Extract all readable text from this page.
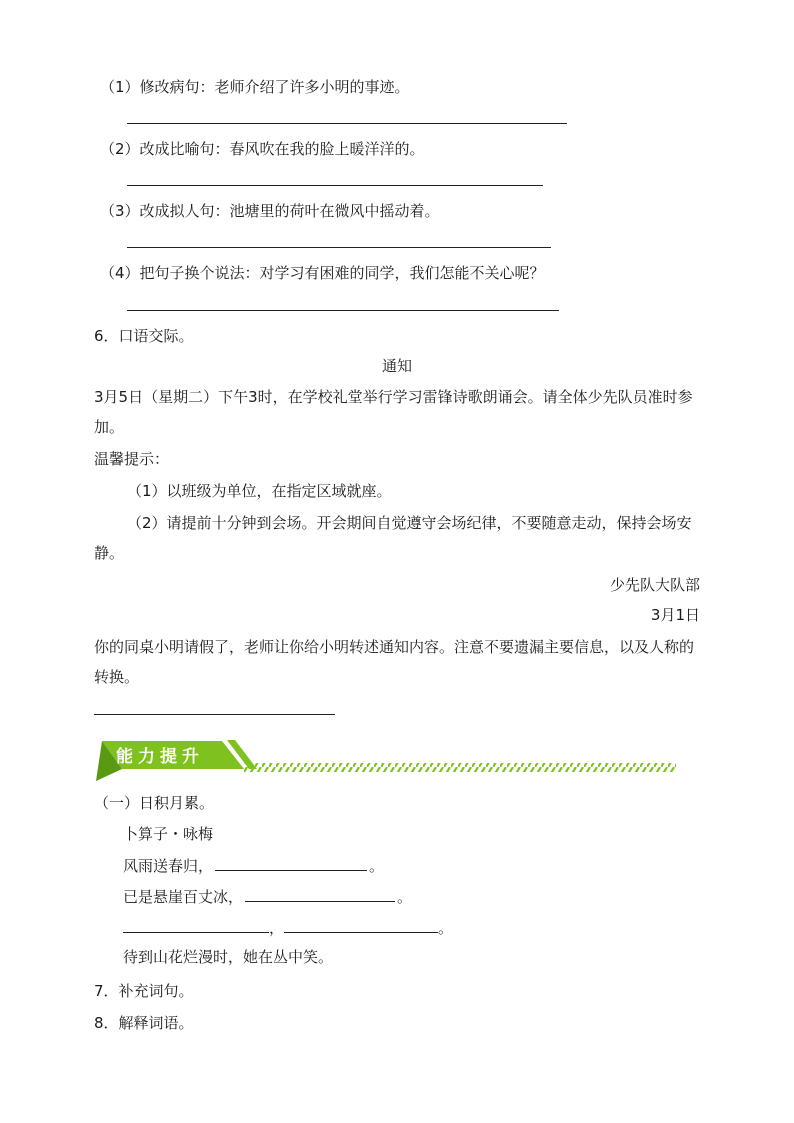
（1）修改病句：老师介绍了许多小明的事迹。
（2）改成比喻句：春风吹在我的脸上暖洋洋的。
（3）改成拟人句：池塘里的荷叶在微风中摇动着。
（4）把句子换个说法：对学习有困难的同学，我们怎能不关心呢？
6．口语交际。
通知
3月5日（星期二）下午3时，在学校礼堂举行学习雷锋诗歌朗诵会。请全体少先队员准时参加。
温馨提示：
（1）以班级为单位，在指定区域就座。
（2）请提前十分钟到会场。开会期间自觉遵守会场纪律，不要随意走动，保持会场安静。
少先队大队部
3月1日
你的同桌小明请假了，老师让你给小明转述通知内容。注意不要遗漏主要信息，以及人称的转换。
能力提升
（一）日积月累。
卜算子・咏梅
风雨送春归，	。
已是悬崖百丈冰，	。
，	。
待到山花烂漫时，她在丛中笑。
7．补充词句。
8．解释词语。
